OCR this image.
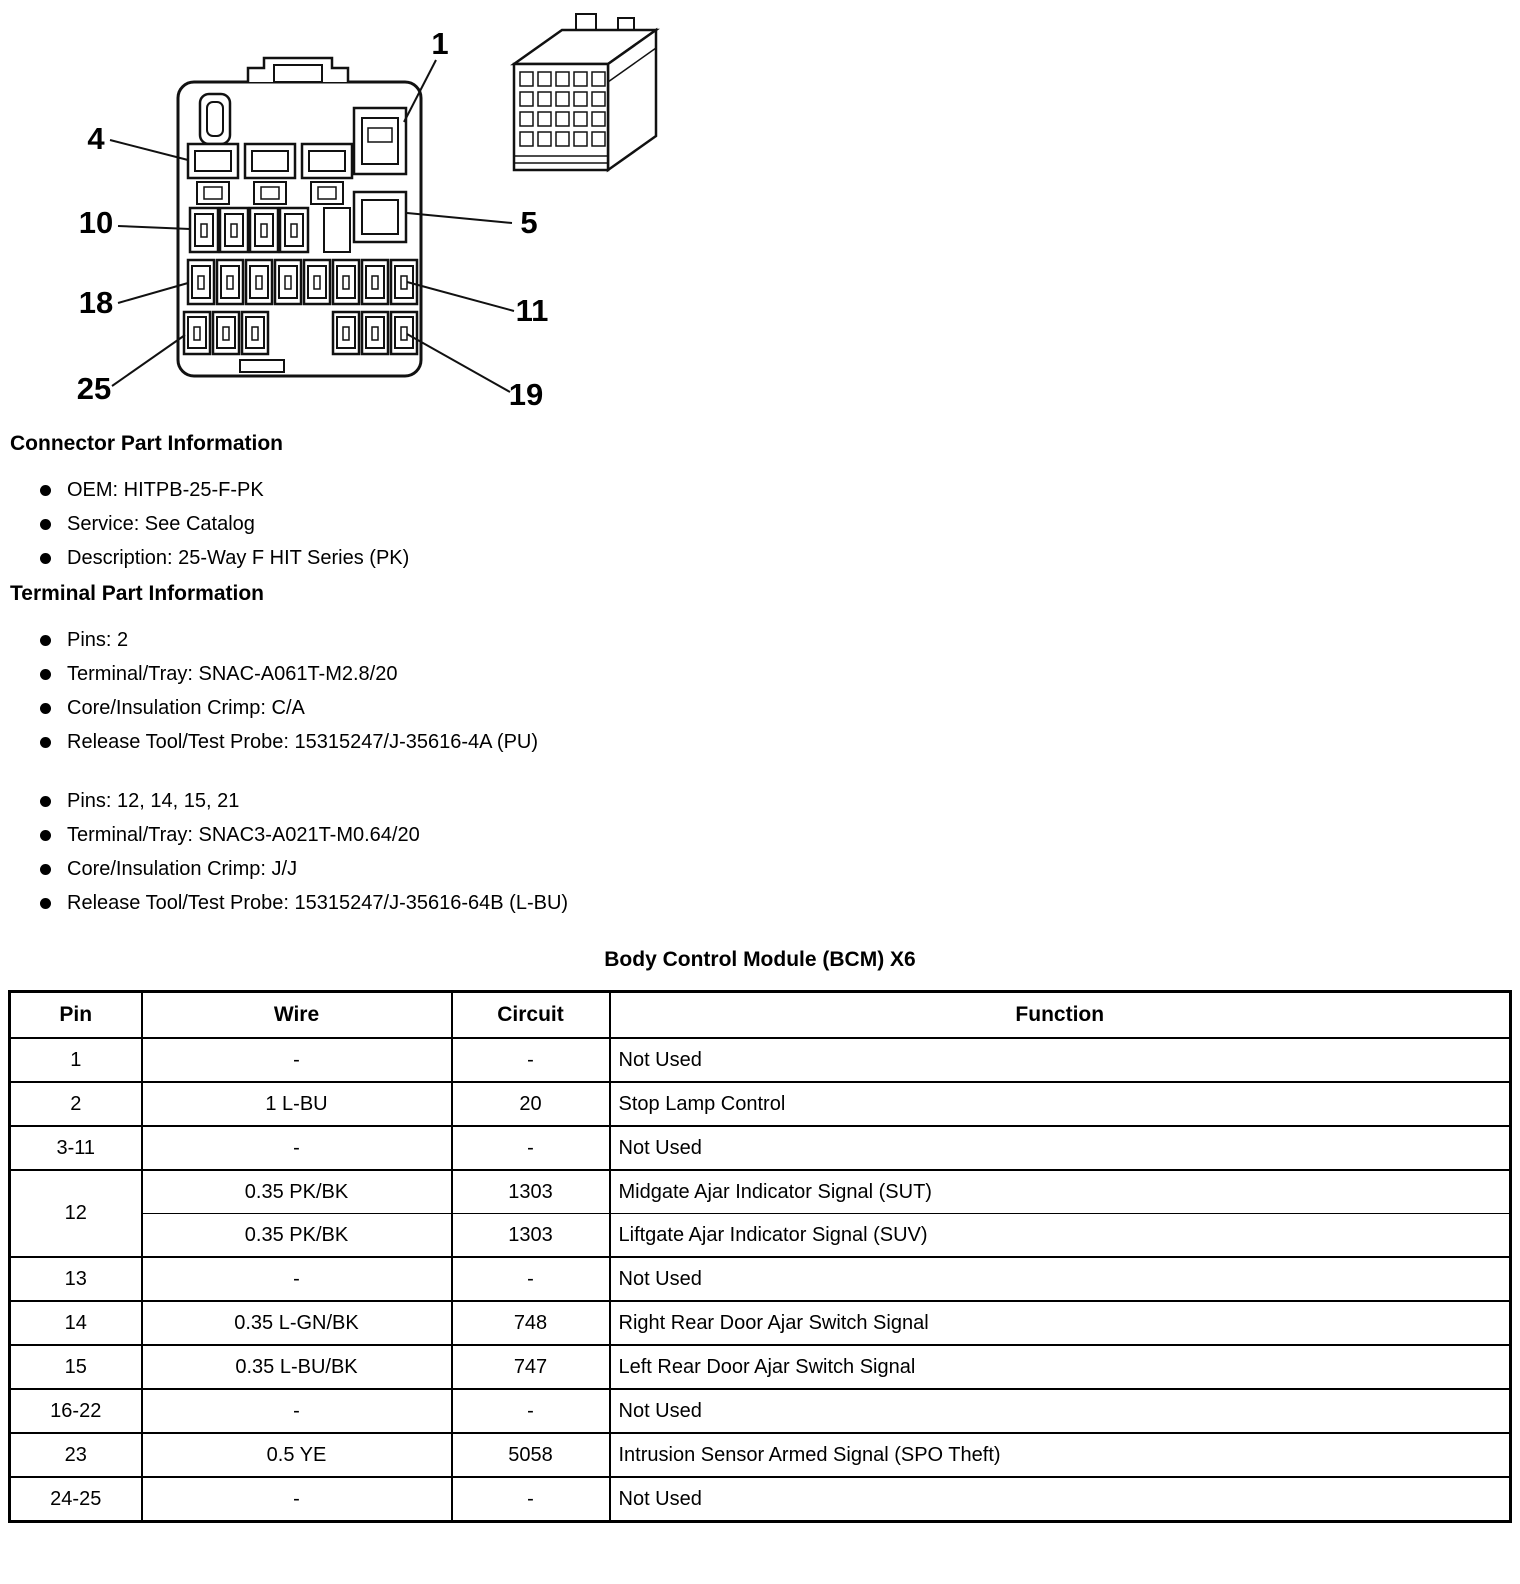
1
4
10
18
25
5
11
19
Connector Part Information
OEM: HITPB-25-F-PK
Service: See Catalog
Description: 25-Way F HIT Series (PK)
Terminal Part Information
Pins: 2
Terminal/Tray: SNAC-A061T-M2.8/20
Core/Insulation Crimp: C/A
Release Tool/Test Probe: 15315247/J-35616-4A (PU)
Pins: 12, 14, 15, 21
Terminal/Tray: SNAC3-A021T-M0.64/20
Core/Insulation Crimp: J/J
Release Tool/Test Probe: 15315247/J-35616-64B (L-BU)
Body Control Module (BCM) X6
Pin	Wire	Circuit	Function
1	-	-	Not Used
2	1 L-BU	20	Stop Lamp Control
3-11	-	-	Not Used
12	0.35 PK/BK	1303	Midgate Ajar Indicator Signal (SUT)
	0.35 PK/BK	1303	Liftgate Ajar Indicator Signal (SUV)
13	-	-	Not Used
14	0.35 L-GN/BK	748	Right Rear Door Ajar Switch Signal
15	0.35 L-BU/BK	747	Left Rear Door Ajar Switch Signal
16-22	-	-	Not Used
23	0.5 YE	5058	Intrusion Sensor Armed Signal (SPO Theft)
24-25	-	-	Not Used
